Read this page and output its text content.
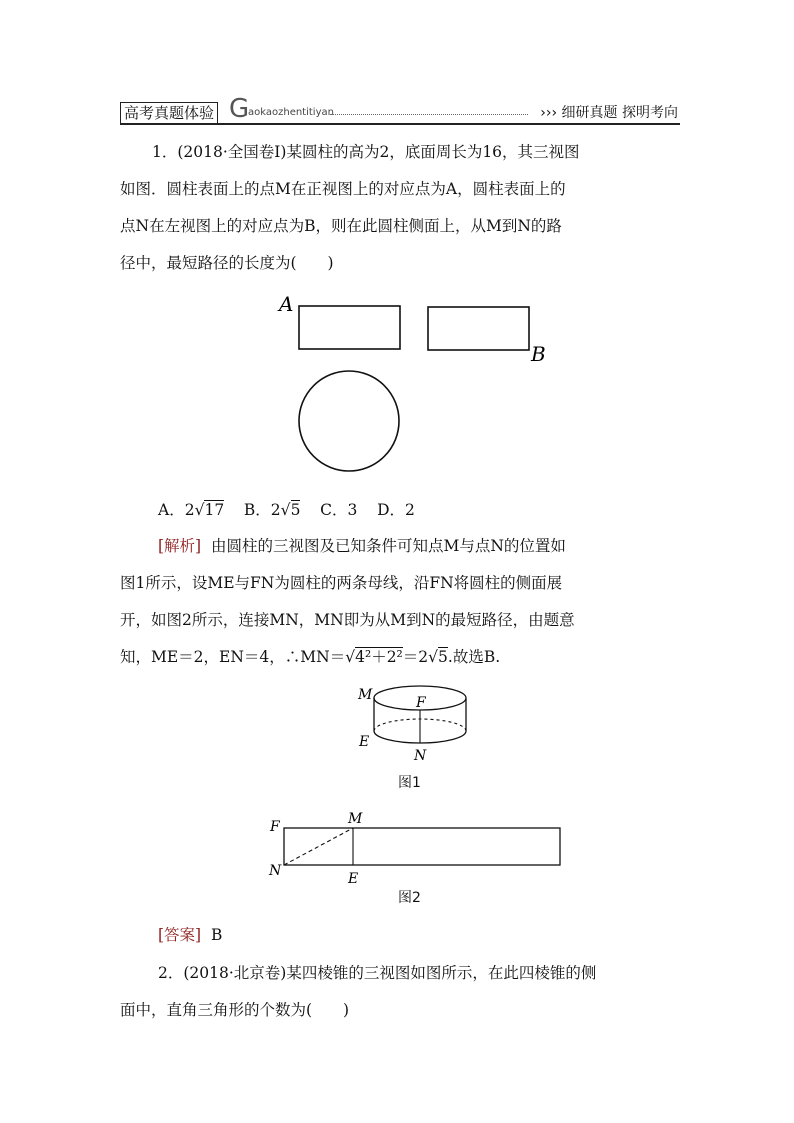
高考真题体验 G
aokaozhentitiyan	››› 细研真题 探明考向
1．(2018·全国卷Ⅰ)某圆柱的高为2，底面周长为16，其三视图
如图．圆柱表面上的点M在正视图上的对应点为A，圆柱表面上的
点N在左视图上的对应点为B，则在此圆柱侧面上，从M到N的路
径中，最短路径的长度为(　　)
A
B
A．2√17 B．2√5 C．3 D．2
[解析] 由圆柱的三视图及已知条件可知点M与点N的位置如
图1所示，设ME与FN为圆柱的两条母线，沿FN将圆柱的侧面展
开，如图2所示，连接MN，MN即为从M到N的最短路径，由题意
知，ME＝2，EN＝4，∴MN＝√4²＋2²＝2√5.故选B.
M	F
E
N
图1
F	M
N	E
图2
[答案] B
2．(2018·北京卷)某四棱锥的三视图如图所示，在此四棱锥的侧
面中，直角三角形的个数为(　　)
